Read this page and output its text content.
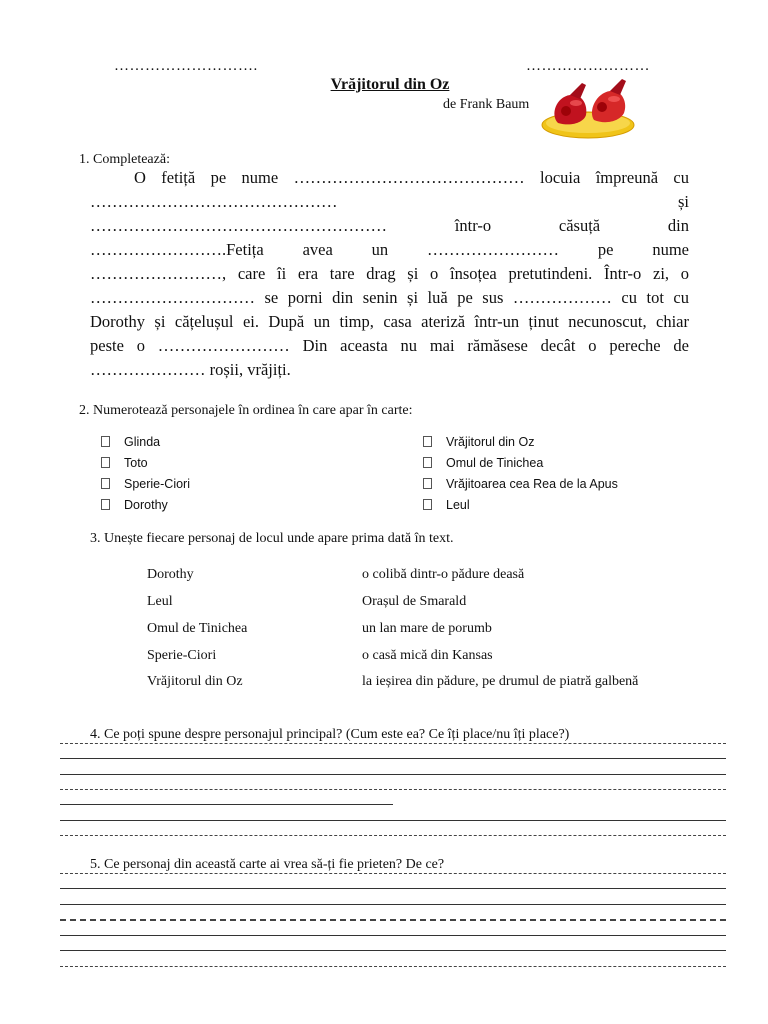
……………………….	……………………
Vrăjitorul din Oz
de Frank Baum
1. Completează:
O fetiță pe nume …………………………………… locuia împreună cu
……………………………………… și
……………………………………………… într-o căsuță din
…………………….Fetița avea un …………………… pe nume
……………………, care îi era tare drag și o însoțea pretutindeni. Într-o zi, o
………………………… se porni din senin și luă pe sus ……………… cu tot cu
Dorothy și cățelușul ei. După un timp, casa ateriză într-un ținut necunoscut, chiar
peste o …………………… Din aceasta nu mai rămăsese decât o pereche de
………………… roșii, vrăjiți.
2. Numerotează personajele în ordinea în care apar în carte:
Glinda
Toto
Sperie-Ciori
Dorothy
Vrăjitorul din Oz
Omul de Tinichea
Vrăjitoarea cea Rea de la Apus
Leul
3. Unește fiecare personaj de locul unde apare prima dată în text.
Dorothy
Leul
Omul de Tinichea
Sperie-Ciori
Vrăjitorul din Oz
o colibă dintr-o pădure deasă
Orașul de Smarald
un lan mare de porumb
o casă mică din Kansas
la ieșirea din pădure, pe drumul de piatră galbenă
4. Ce poți spune despre personajul principal? (Cum este ea? Ce îți place/nu îți place?)
5. Ce personaj din această carte ai vrea să-ți fie prieten? De ce?
